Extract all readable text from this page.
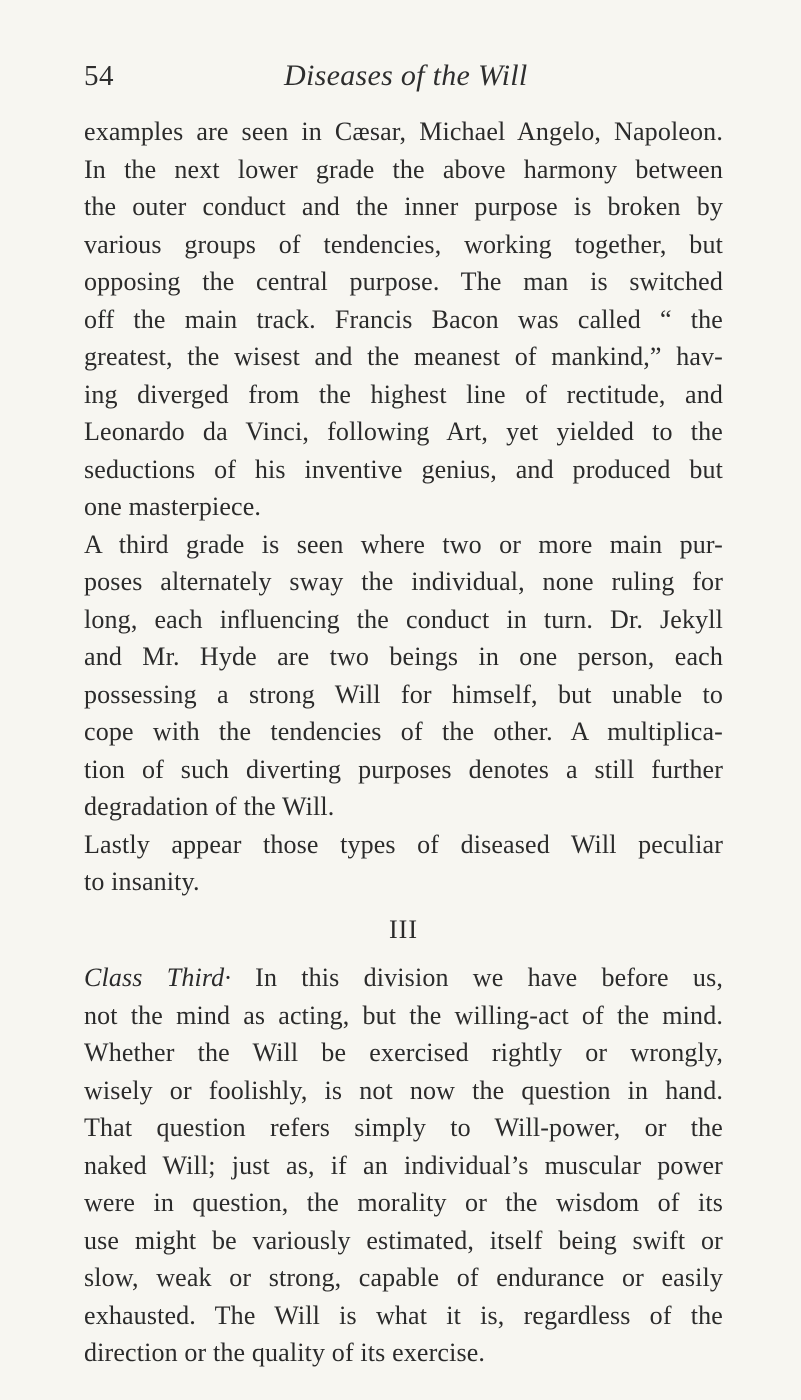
54	Diseases of the Will
examples are seen in Cæsar, Michael Angelo, Napoleon.
In the next lower grade the above harmony between
the outer conduct and the inner purpose is broken by
various groups of tendencies, working together, but
opposing the central purpose. The man is switched
off the main track. Francis Bacon was called “ the
greatest, the wisest and the meanest of mankind,” hav-
ing diverged from the highest line of rectitude, and
Leonardo da Vinci, following Art, yet yielded to the
seductions of his inventive genius, and produced but
one masterpiece.
A third grade is seen where two or more main pur-
poses alternately sway the individual, none ruling for
long, each influencing the conduct in turn. Dr. Jekyll
and Mr. Hyde are two beings in one person, each
possessing a strong Will for himself, but unable to
cope with the tendencies of the other. A multiplica-
tion of such diverting purposes denotes a still further
degradation of the Will.
Lastly appear those types of diseased Will peculiar
to insanity.
III
Class Third· In this division we have before us,
not the mind as acting, but the willing-act of the mind.
Whether the Will be exercised rightly or wrongly,
wisely or foolishly, is not now the question in hand.
That question refers simply to Will-power, or the
naked Will; just as, if an individual’s muscular power
were in question, the morality or the wisdom of its
use might be variously estimated, itself being swift or
slow, weak or strong, capable of endurance or easily
exhausted. The Will is what it is, regardless of the
direction or the quality of its exercise.
